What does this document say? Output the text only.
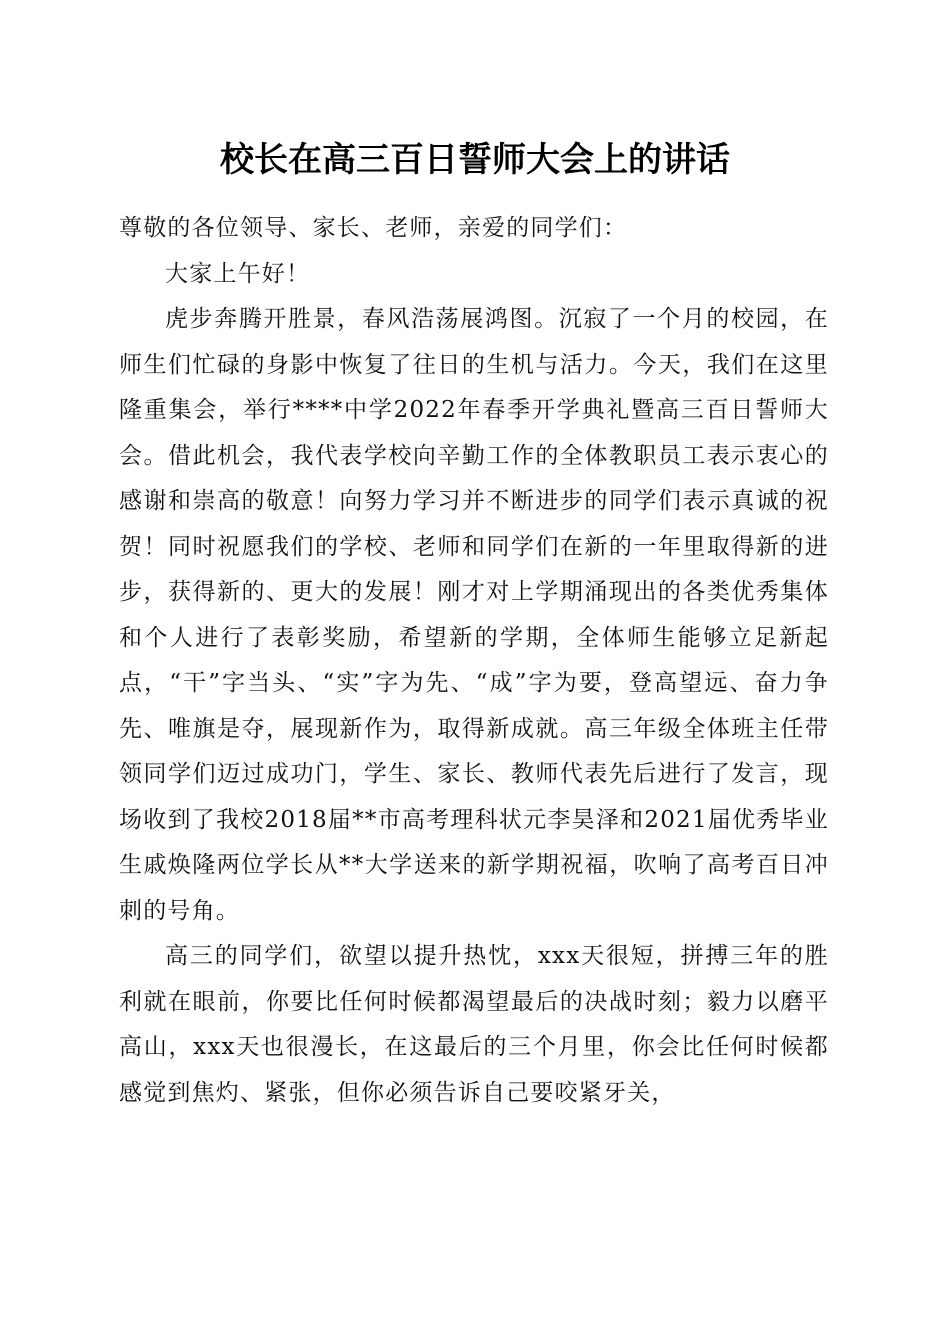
校长在高三百日誓师大会上的讲话

尊敬的各位领导、家长、老师，亲爱的同学们：

大家上午好！

虎步奔腾开胜景，春风浩荡展鸿图。沉寂了一个月的校园，在师生们忙碌的身影中恢复了往日的生机与活力。今天，我们在这里隆重集会，举行****中学2022年春季开学典礼暨高三百日誓师大会。借此机会，我代表学校向辛勤工作的全体教职员工表示衷心的感谢和崇高的敬意！向努力学习并不断进步的同学们表示真诚的祝贺！同时祝愿我们的学校、老师和同学们在新的一年里取得新的进步，获得新的、更大的发展！刚才对上学期涌现出的各类优秀集体和个人进行了表彰奖励，希望新的学期，全体师生能够立足新起点，“干”字当头、“实”字为先、“成”字为要，登高望远、奋力争先、唯旗是夺，展现新作为，取得新成就。高三年级全体班主任带领同学们迈过成功门，学生、家长、教师代表先后进行了发言，现场收到了我校2018届**市高考理科状元李昊泽和2021届优秀毕业生戚焕隆两位学长从**大学送来的新学期祝福，吹响了高考百日冲刺的号角。

高三的同学们，欲望以提升热忱，xxx天很短，拼搏三年的胜利就在眼前，你要比任何时候都渴望最后的决战时刻；毅力以磨平高山，xxx天也很漫长，在这最后的三个月里，你会比任何时候都感觉到焦灼、紧张，但你必须告诉自己要咬紧牙关，
